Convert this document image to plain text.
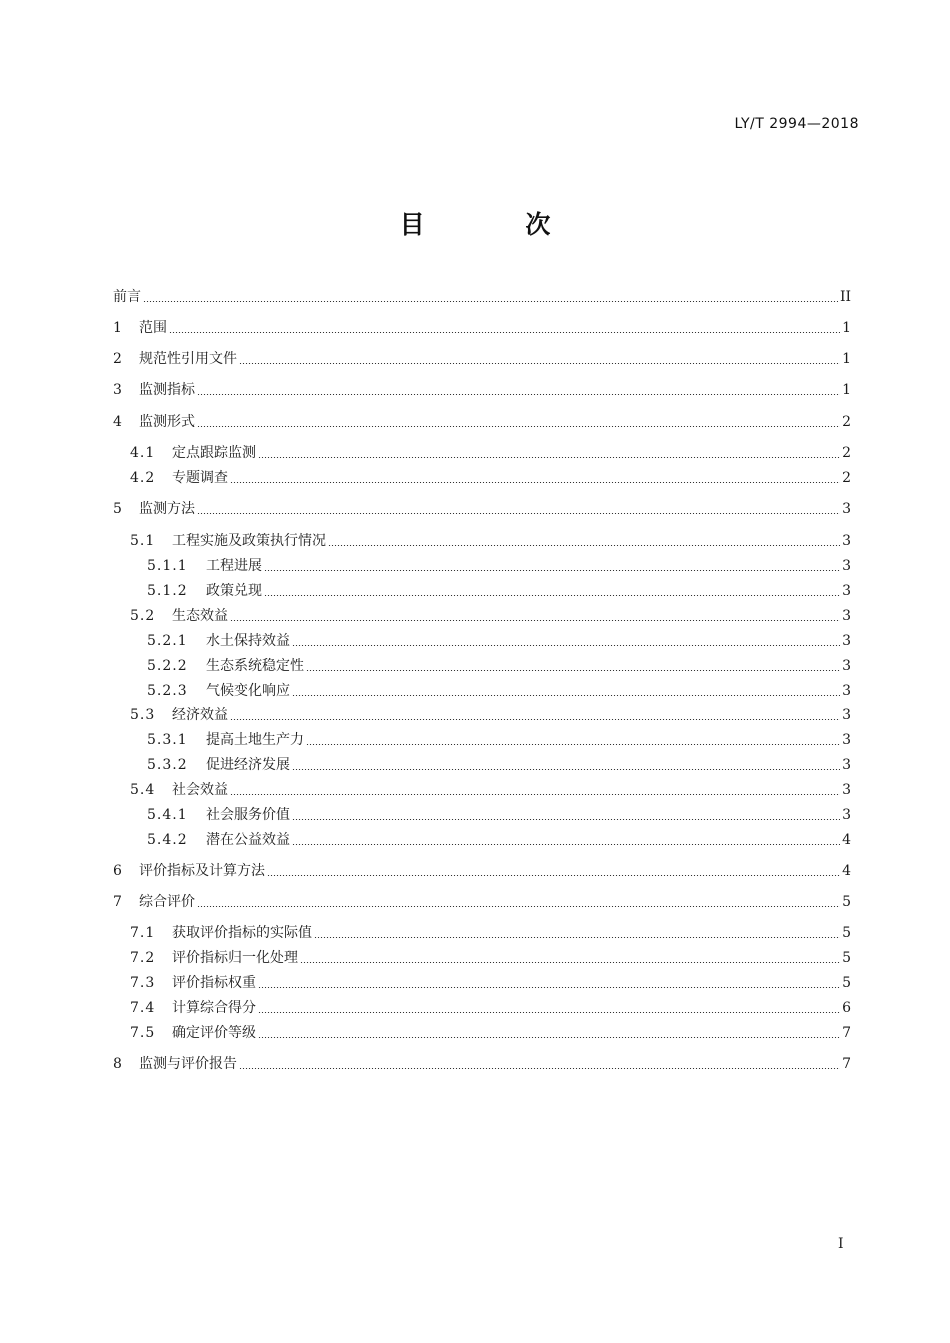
LY/T 2994—2018
目 次
前言	II
1	范围	1
2	规范性引用文件	1
3	监测指标	1
4	监测形式	2
4.1	定点跟踪监测	2
4.2	专题调查	2
5	监测方法	3
5.1	工程实施及政策执行情况	3
5.1.1	工程进展	3
5.1.2	政策兑现	3
5.2	生态效益	3
5.2.1	水土保持效益	3
5.2.2	生态系统稳定性	3
5.2.3	气候变化响应	3
5.3	经济效益	3
5.3.1	提高土地生产力	3
5.3.2	促进经济发展	3
5.4	社会效益	3
5.4.1	社会服务价值	3
5.4.2	潜在公益效益	4
6	评价指标及计算方法	4
7	综合评价	5
7.1	获取评价指标的实际值	5
7.2	评价指标归一化处理	5
7.3	评价指标权重	5
7.4	计算综合得分	6
7.5	确定评价等级	7
8	监测与评价报告	7
I
